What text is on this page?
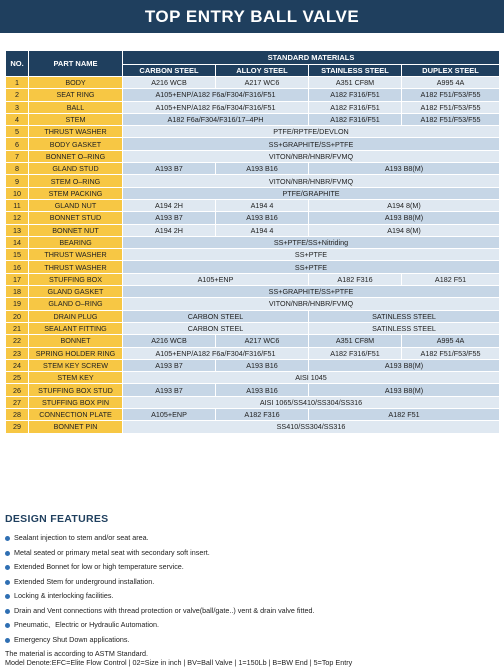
TOP ENTRY BALL VALVE
NO.	PART NAME	STANDARD MATERIALS			
		CARBON STEEL	ALLOY STEEL	STAINLESS STEEL	DUPLEX STEEL
1	BODY	A216 WCB	A217 WC6	A351 CF8M	A995 4A
2	SEAT RING	A105+ENP/A182 F6a/F304/F316/F51		A182 F316/F51	A182 F51/F53/F55
3	BALL	A105+ENP/A182 F6a/F304/F316/F51		A182 F316/F51	A182 F51/F53/F55
4	STEM	A182 F6a/F304/F316/17–4PH		A182 F316/F51	A182 F51/F53/F55
5	THRUST WASHER	PTFE/RPTFE/DEVLON			
6	BODY GASKET	SS+GRAPHITE/SS+PTFE			
7	BONNET O–RING	VITON/NBR/HNBR/FVMQ			
8	GLAND STUD	A193 B7	A193 B16	A193 B8(M)	
9	STEM O–RING	VITON/NBR/HNBR/FVMQ			
10	STEM PACKING	PTFE/GRAPHITE			
11	GLAND NUT	A194 2H	A194 4	A194 8(M)	
12	BONNET STUD	A193 B7	A193 B16	A193 B8(M)	
13	BONNET NUT	A194 2H	A194 4	A194 8(M)	
14	BEARING	SS+PTFE/SS+Nitriding			
15	THRUST WASHER	SS+PTFE			
16	THRUST WASHER	SS+PTFE			
17	STUFFING BOX	A105+ENP		A182 F316	A182 F51
18	GLAND GASKET	SS+GRAPHITE/SS+PTFE			
19	GLAND O–RING	VITON/NBR/HNBR/FVMQ			
20	DRAIN PLUG	CARBON STEEL		SATINLESS STEEL	
21	SEALANT FITTING	CARBON STEEL		SATINLESS STEEL	
22	BONNET	A216 WCB	A217 WC6	A351 CF8M	A995 4A
23	SPRING HOLDER RING	A105+ENP/A182 F6a/F304/F316/F51		A182 F316/F51	A182 F51/F53/F55
24	STEM KEY SCREW	A193 B7	A193 B16	A193 B8(M)	
25	STEM KEY	AISI 1045			
26	STUFFING BOX STUD	A193 B7	A193 B16	A193 B8(M)	
27	STUFFING BOX PIN	AISI 1065/SS410/SS304/SS316			
28	CONNECTION PLATE	A105+ENP	A182 F316	A182 F51	
29	BONNET PIN	SS410/SS304/SS316			
DESIGN FEATURES
Sealant injection to stem and/or seat area.
Metal seated or primary metal seat with secondary soft insert.
Extended Bonnet for low or high temperature service.
Extended Stem for underground installation.
Locking & interlocking facilities.
Drain and Vent connections with thread protection or valve(ball/gate..) vent & drain valve fitted.
Pneumatic、Electric or Hydraulic Automation.
Emergency Shut Down applications.
The material is according to ASTM Standard.
Model Denote:EFC=Elite Flow Control | 02=Size in inch | BV=Ball Valve | 1=150Lb | B=BW End | 5=Top Entry
